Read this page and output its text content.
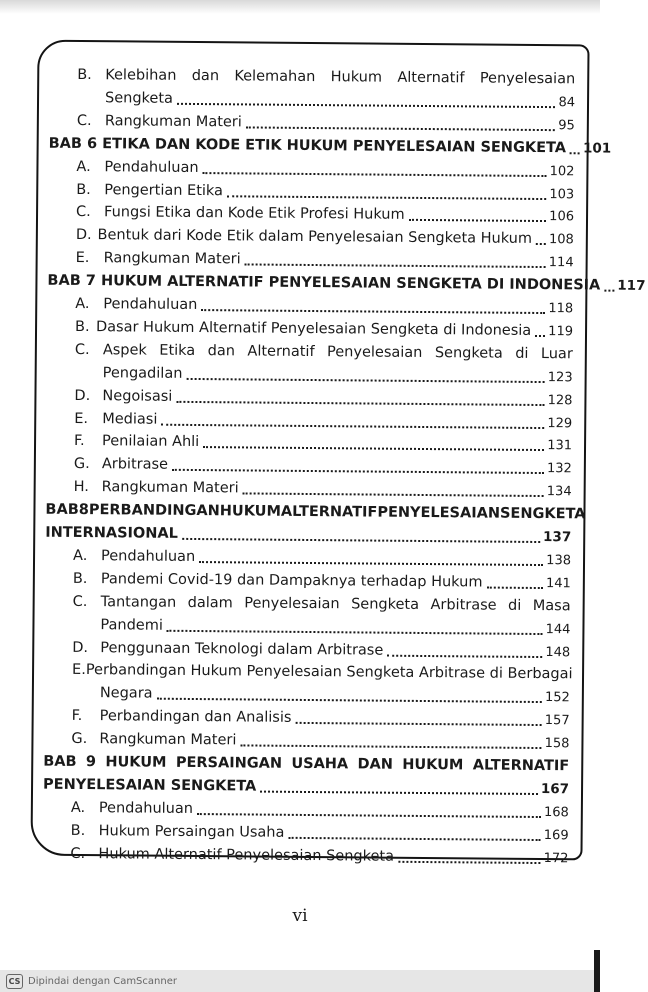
B. Kelebihan dan Kelemahan Hukum Alternatif Penyelesaian
Sengketa	84
C. Rangkuman Materi	95
BAB 6 ETIKA DAN KODE ETIK HUKUM PENYELESAIAN SENGKETA 101
A. Pendahuluan	102
B. Pengertian Etika	103
C. Fungsi Etika dan Kode Etik Profesi Hukum	106
D. Bentuk dari Kode Etik dalam Penyelesaian Sengketa Hukum 108
E. Rangkuman Materi	114
BAB 7 HUKUM ALTERNATIF PENYELESAIAN SENGKETA DI INDONESIA 117
A. Pendahuluan	118
B. Dasar Hukum Alternatif Penyelesaian Sengketa di Indonesia 119
C. Aspek Etika dan Alternatif Penyelesaian Sengketa di Luar
Pengadilan	123
D. Negoisasi	128
E. Mediasi	129
F.	Penilaian Ahli	131
G. Arbitrase	132
H. Rangkuman Materi	134
BAB 8 PERBANDINGAN HUKUM ALTERNATIF PENYELESAIAN SENGKETA
INTERNASIONAL	137
A. Pendahuluan	138
B. Pandemi Covid-19 dan Dampaknya terhadap Hukum	141
C. Tantangan dalam Penyelesaian Sengketa Arbitrase di Masa
Pandemi	144
D. Penggunaan Teknologi dalam Arbitrase	148
E. Perbandingan Hukum Penyelesaian Sengketa Arbitrase di Berbagai
Negara	152
F.	Perbandingan dan Analisis	157
G. Rangkuman Materi	158
BAB 9 HUKUM PERSAINGAN USAHA DAN HUKUM ALTERNATIF
PENYELESAIAN SENGKETA	167
A. Pendahuluan	168
B. Hukum Persaingan Usaha	169
C. Hukum Alternatif Penyelesaian Sengketa	172
vi
CS Dipindai dengan CamScanner
